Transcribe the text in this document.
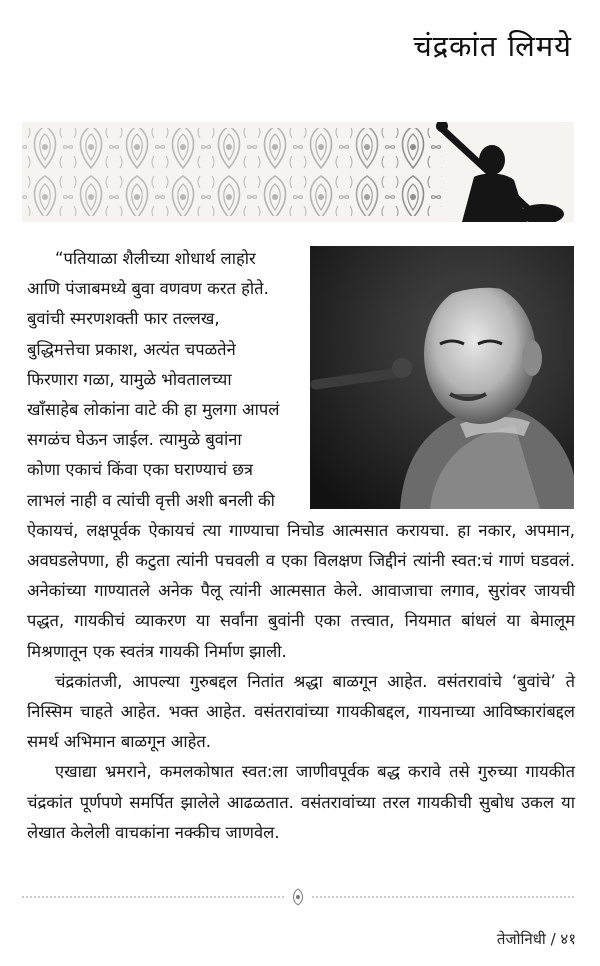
चंद्रकांत लिमये
“पतियाळा शैलीच्या शोधार्थ लाहोर
आणि पंजाबमध्ये बुवा वणवण करत होते.
बुवांची स्मरणशक्ती फार तल्लख,
बुद्धिमत्तेचा प्रकाश, अत्यंत चपळतेने
फिरणारा गळा, यामुळे भोवतालच्या
खाँसाहेब लोकांना वाटे की हा मुलगा आपलं
सगळंच घेऊन जाईल. त्यामुळे बुवांना
कोणा एकाचं किंवा एका घराण्याचं छत्र
लाभलं नाही व त्यांची वृत्ती अशी बनली की

ऐकायचं, लक्षपूर्वक ऐकायचं त्या गाण्याचा निचोड आत्मसात करायचा. हा नकार, अपमान, अवघडलेपणा, ही कटुता त्यांनी पचवली व एका विलक्षण जिद्दीनं त्यांनी स्वत:चं गाणं घडवलं. अनेकांच्या गाण्यातले अनेक पैलू त्यांनी आत्मसात केले. आवाजाचा लगाव, सुरांवर जायची पद्धत, गायकीचं व्याकरण या सर्वांना बुवांनी एका तत्त्वात, नियमात बांधलं या बेमालूम मिश्रणातून एक स्वतंत्र गायकी निर्माण झाली.

चंद्रकांतजी, आपल्या गुरुबद्दल नितांत श्रद्धा बाळगून आहेत. वसंतरावांचे ‘बुवांचे’ ते निस्सिम चाहते आहेत. भक्त आहेत. वसंतरावांच्या गायकीबद्दल, गायनाच्या आविष्कारांबद्दल समर्थ अभिमान बाळगून आहेत.

एखाद्या भ्रमराने, कमलकोषात स्वत:ला जाणीवपूर्वक बद्ध करावे तसे गुरुच्या गायकीत चंद्रकांत पूर्णपणे समर्पित झालेले आढळतात. वसंतरावांच्या तरल गायकीची सुबोध उकल या लेखात केलेली वाचकांना नक्कीच जाणवेल.

तेजोनिधी / ४१
